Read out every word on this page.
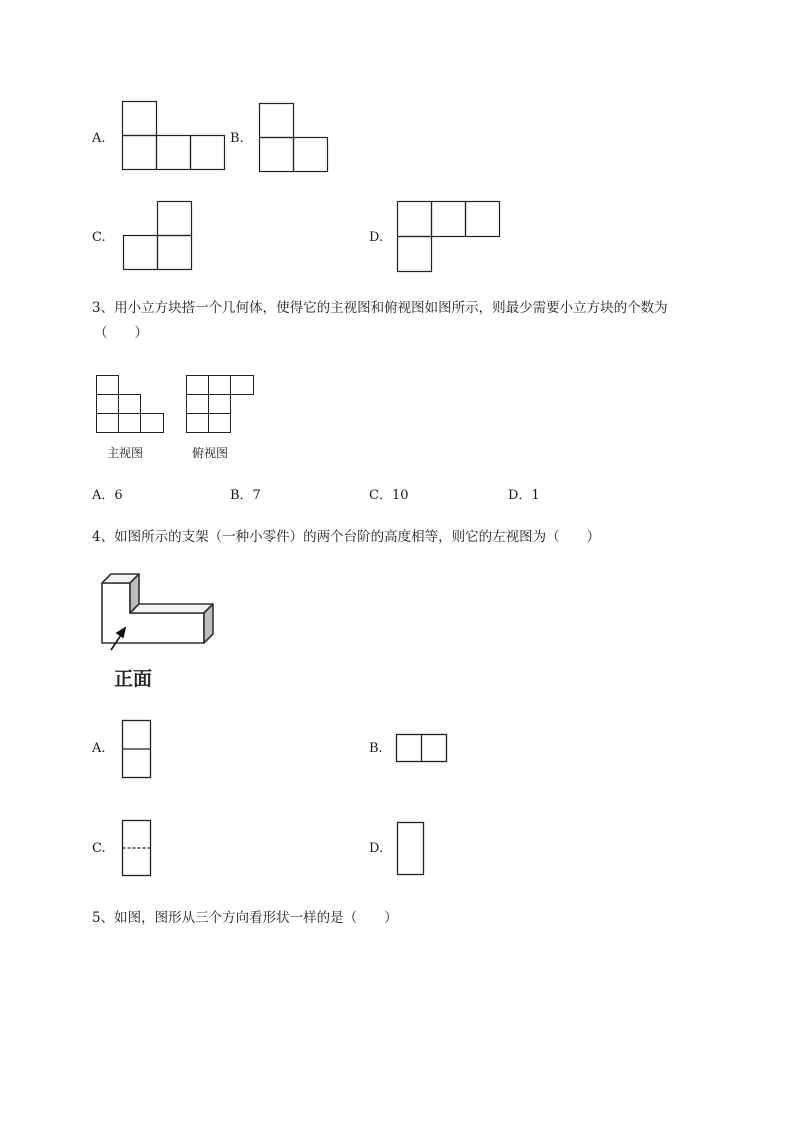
A.	B.
C.	D.
3、用小立方块搭一个几何体，使得它的主视图和俯视图如图所示，则最少需要小立方块的个数为
（　　）
主视图	俯视图
A．6	B．7	C．10	D．1
4、如图所示的支架（一种小零件）的两个台阶的高度相等，则它的左视图为（　　）
正面
A.	B.
C.	D.
5、如图，图形从三个方向看形状一样的是（　　）
